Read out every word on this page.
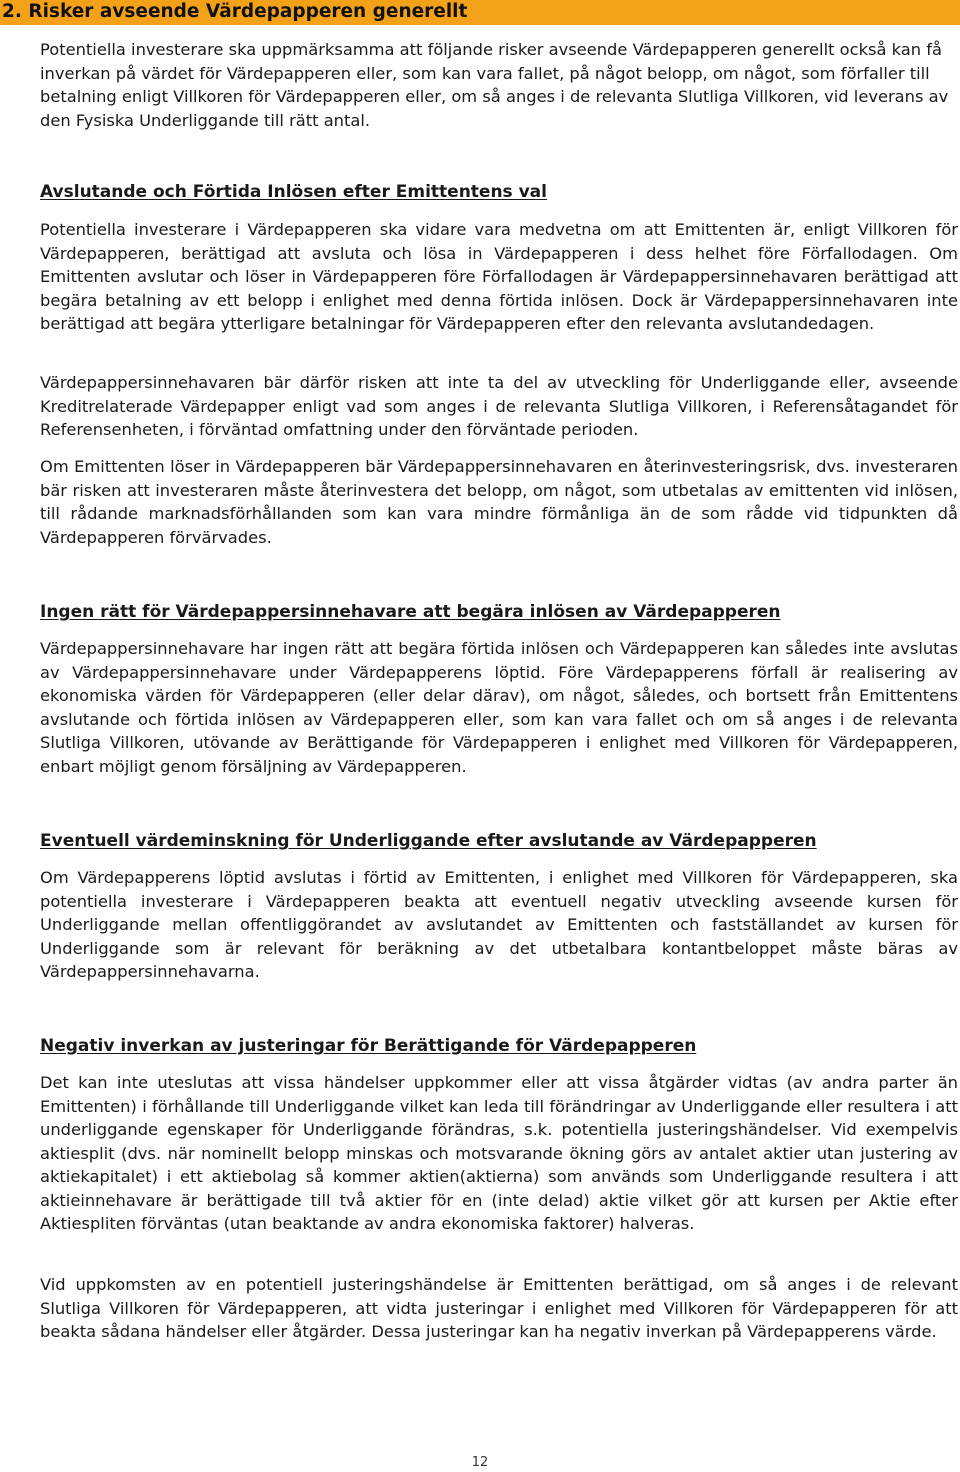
2. Risker avseende Värdepapperen generellt

Potentiella investerare ska uppmärksamma att följande risker avseende Värdepapperen generellt också kan få inverkan på värdet för Värdepapperen eller, som kan vara fallet, på något belopp, om något, som förfaller till betalning enligt Villkoren för Värdepapperen eller, om så anges i de relevanta Slutliga Villkoren, vid leverans av den Fysiska Underliggande till rätt antal.

Avslutande och Förtida Inlösen efter Emittentens val

Potentiella investerare i Värdepapperen ska vidare vara medvetna om att Emittenten är, enligt Villkoren för Värdepapperen, berättigad att avsluta och lösa in Värdepapperen i dess helhet före Förfallodagen. Om Emittenten avslutar och löser in Värdepapperen före Förfallodagen är Värdepappersinnehavaren berättigad att begära betalning av ett belopp i enlighet med denna förtida inlösen. Dock är Värdepappersinnehavaren inte berättigad att begära ytterligare betalningar för Värdepapperen efter den relevanta avslutandedagen.

Värdepappersinnehavaren bär därför risken att inte ta del av utveckling för Underliggande eller, avseende Kreditrelaterade Värdepapper enligt vad som anges i de relevanta Slutliga Villkoren, i Referensåtagandet för Referensenheten, i förväntad omfattning under den förväntade perioden.

Om Emittenten löser in Värdepapperen bär Värdepappersinnehavaren en återinvesteringsrisk, dvs. investeraren bär risken att investeraren måste återinvestera det belopp, om något, som utbetalas av emittenten vid inlösen, till rådande marknadsförhållanden som kan vara mindre förmånliga än de som rådde vid tidpunkten då Värdepapperen förvärvades.

Ingen rätt för Värdepappersinnehavare att begära inlösen av Värdepapperen

Värdepappersinnehavare har ingen rätt att begära förtida inlösen och Värdepapperen kan således inte avslutas av Värdepappersinnehavare under Värdepapperens löptid. Före Värdepapperens förfall är realisering av ekonomiska värden för Värdepapperen (eller delar därav), om något, således, och bortsett från Emittentens avslutande och förtida inlösen av Värdepapperen eller, som kan vara fallet och om så anges i de relevanta Slutliga Villkoren, utövande av Berättigande för Värdepapperen i enlighet med Villkoren för Värdepapperen, enbart möjligt genom försäljning av Värdepapperen.

Eventuell värdeminskning för Underliggande efter avslutande av Värdepapperen

Om Värdepapperens löptid avslutas i förtid av Emittenten, i enlighet med Villkoren för Värdepapperen, ska potentiella investerare i Värdepapperen beakta att eventuell negativ utveckling avseende kursen för Underliggande mellan offentliggörandet av avslutandet av Emittenten och fastställandet av kursen för Underliggande som är relevant för beräkning av det utbetalbara kontantbeloppet måste bäras av Värdepappersinnehavarna.

Negativ inverkan av justeringar för Berättigande för Värdepapperen

Det kan inte uteslutas att vissa händelser uppkommer eller att vissa åtgärder vidtas (av andra parter än Emittenten) i förhållande till Underliggande vilket kan leda till förändringar av Underliggande eller resultera i att underliggande egenskaper för Underliggande förändras, s.k. potentiella justeringshändelser. Vid exempelvis aktiesplit (dvs. när nominellt belopp minskas och motsvarande ökning görs av antalet aktier utan justering av aktiekapitalet) i ett aktiebolag så kommer aktien(aktierna) som används som Underliggande resultera i att aktieinnehavare är berättigade till två aktier för en (inte delad) aktie vilket gör att kursen per Aktie efter Aktiespliten förväntas (utan beaktande av andra ekonomiska faktorer) halveras.

Vid uppkomsten av en potentiell justeringshändelse är Emittenten berättigad, om så anges i de relevant Slutliga Villkoren för Värdepapperen, att vidta justeringar i enlighet med Villkoren för Värdepapperen för att beakta sådana händelser eller åtgärder. Dessa justeringar kan ha negativ inverkan på Värdepapperens värde.

12
